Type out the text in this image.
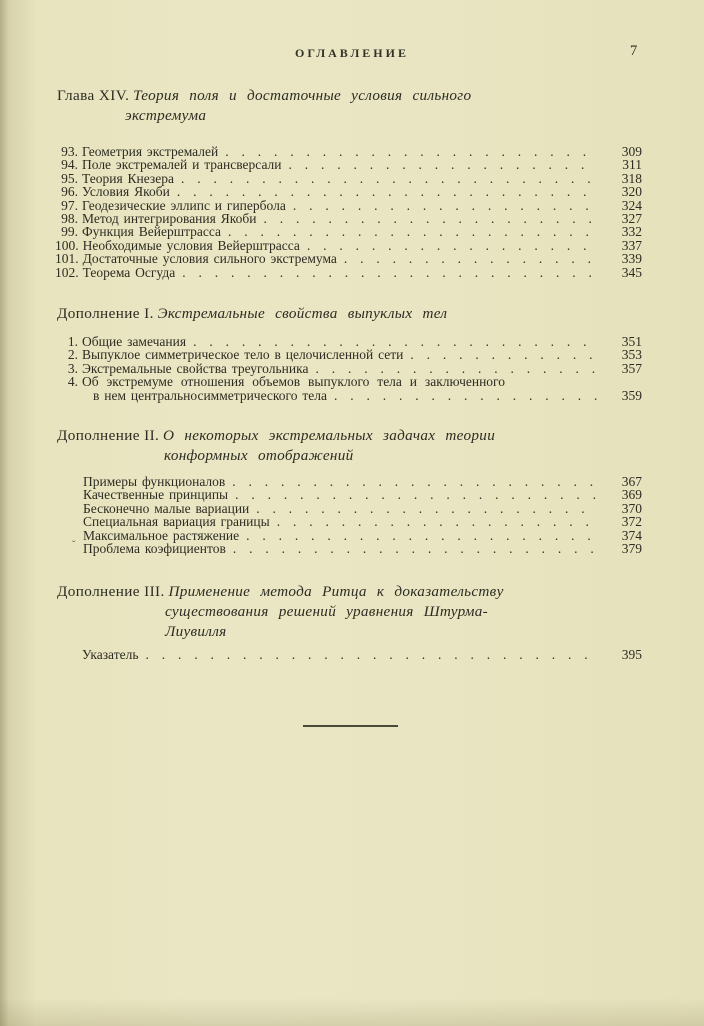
ОГЛАВЛЕНИЕ	7
Глава XIV. Теория поля и достаточные условия сильного
экстремума
93. Геометрия экстремалей . . .	309
94. Поле экстремалей и трансверсали . . .	311
95. Теория Кнезера . . .	318
96. Условия Якоби . . .	320
97. Геодезические эллипс и гипербола . . .	324
98. Метод интегрирования Якоби . . .	327
99. Функция Вейерштрасса . . .	332
100. Необходимые условия Вейерштрасса . . .	337
101. Достаточные условия сильного экстремума . . .	339
102. Теорема Осгуда . . .	345
Дополнение I. Экстремальные свойства выпуклых тел
1. Общие замечания . . .	351
2. Выпуклое симметрическое тело в целочисленной сети . . .	353
3. Экстремальные свойства треугольника . . .	357
4. Об экстремуме отношения объемов выпуклого тела и заключенного
в нем центральносимметрического тела . . .	359
Дополнение II. О некоторых экстремальных задачах теории
конформных отображений
Примеры функционалов . . .	367
Качественные принципы . . .	369
Бесконечно малые вариации . . .	370
Специальная вариация границы . . .	372
Максимальное растяжение . . .	374
Проблема коэфициентов . . .	379
ˇ
Дополнение III. Применение метода Ритца к доказательству
существования решений уравнения Штурма-
Лиувилля
Указатель . . .	395
